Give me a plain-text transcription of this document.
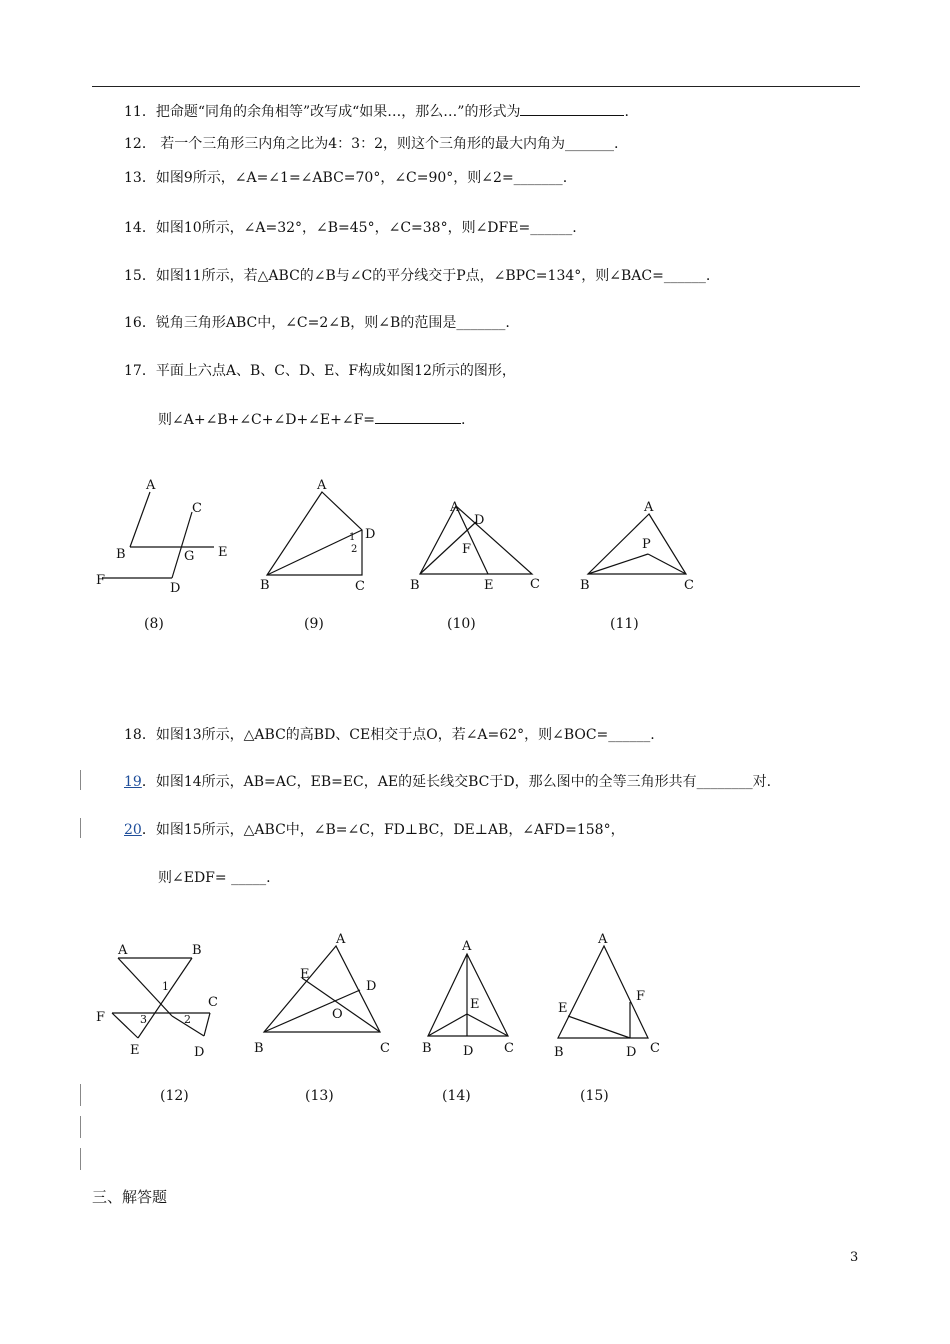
11．把命题“同角的余角相等”改写成“如果…，那么…”的形式为	.
12． 若一个三角形三内角之比为4：3：2，则这个三角形的最大内角为_______.
13．如图9所示，∠A=∠1=∠ABC=70°，∠C=90°，则∠2=_______.
14．如图10所示，∠A=32°，∠B=45°，∠C=38°，则∠DFE=______.
15．如图11所示，若△ABC的∠B与∠C的平分线交于P点，∠BPC=134°，则∠BAC=______.
16．锐角三角形ABC中，∠C=2∠B，则∠B的范围是_______.
17．平面上六点A、B、C、D、E、F构成如图12所示的图形，
则∠A+∠B+∠C+∠D+∠E+∠F=	.
A
B
C
E
G
F
D
(8)
A
B	C
D
1
2
(9)
A
D
F
B	E	C
(10)
A
P
B	C
(11)
18．如图13所示，△ABC的高BD、CE相交于点O，若∠A=62°，则∠BOC=______.
19．如图14所示，AB=AC，EB=EC，AE的延长线交BC于D，那么图中的全等三角形共有________对.
20．如图15所示，△ABC中，∠B=∠C，FD⊥BC，DE⊥AB，∠AFD=158°，
则∠EDF= _____.
A	B
C
F
E	D
1
2
3
(12)
A
E
D
O
B	C
(13)
A
E
B D C
(14)
A
F
E
B	D C
(15)
三、解答题
3
